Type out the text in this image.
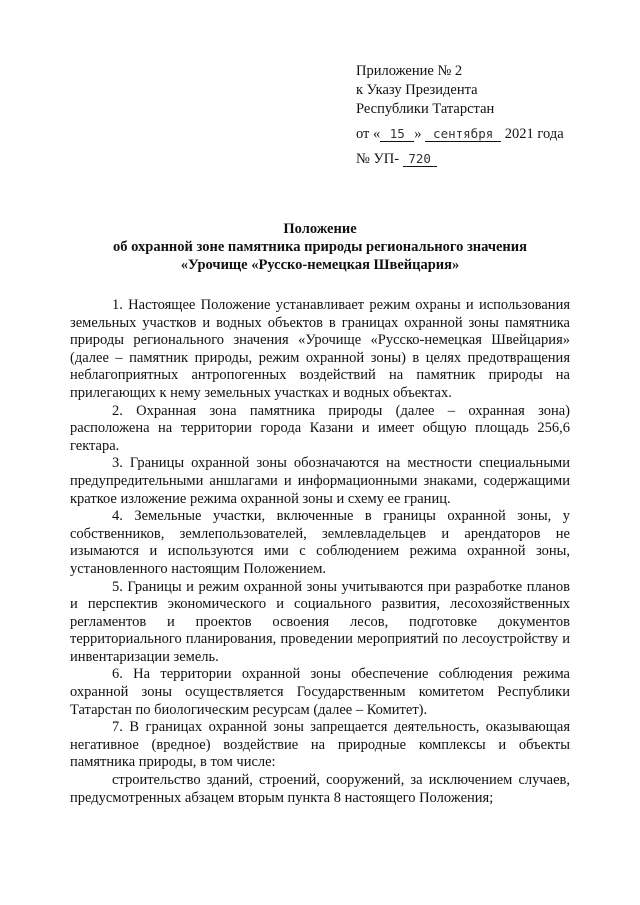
Приложение № 2
к Указу Президента
Республики Татарстан
от « 15 » сентября 2021 года
№ УП- 720
Положение
об охранной зоне памятника природы регионального значения
«Урочище «Русско-немецкая Швейцария»

1. Настоящее Положение устанавливает режим охраны и использования земельных участков и водных объектов в границах охранной зоны памятника природы регионального значения «Урочище «Русско-немецкая Швейцария» (далее – памятник природы, режим охранной зоны) в целях предотвращения неблагоприятных антропогенных воздействий на памятник природы на прилегающих к нему земельных участках и водных объектах.

2. Охранная зона памятника природы (далее – охранная зона) расположена на территории города Казани и имеет общую площадь 256,6 гектара.

3. Границы охранной зоны обозначаются на местности специальными предупредительными аншлагами и информационными знаками, содержащими краткое изложение режима охранной зоны и схему ее границ.

4. Земельные участки, включенные в границы охранной зоны, у собственников, землепользователей, землевладельцев и арендаторов не изымаются и используются ими с соблюдением режима охранной зоны, установленного настоящим Положением.

5. Границы и режим охранной зоны учитываются при разработке планов и перспектив экономического и социального развития, лесохозяйственных регламентов и проектов освоения лесов, подготовке документов территориального планирования, проведении мероприятий по лесоустройству и инвентаризации земель.

6. На территории охранной зоны обеспечение соблюдения режима охранной зоны осуществляется Государственным комитетом Республики Татарстан по биологическим ресурсам (далее – Комитет).

7. В границах охранной зоны запрещается деятельность, оказывающая негативное (вредное) воздействие на природные комплексы и объекты памятника природы, в том числе:

строительство зданий, строений, сооружений, за исключением случаев, предусмотренных абзацем вторым пункта 8 настоящего Положения;
